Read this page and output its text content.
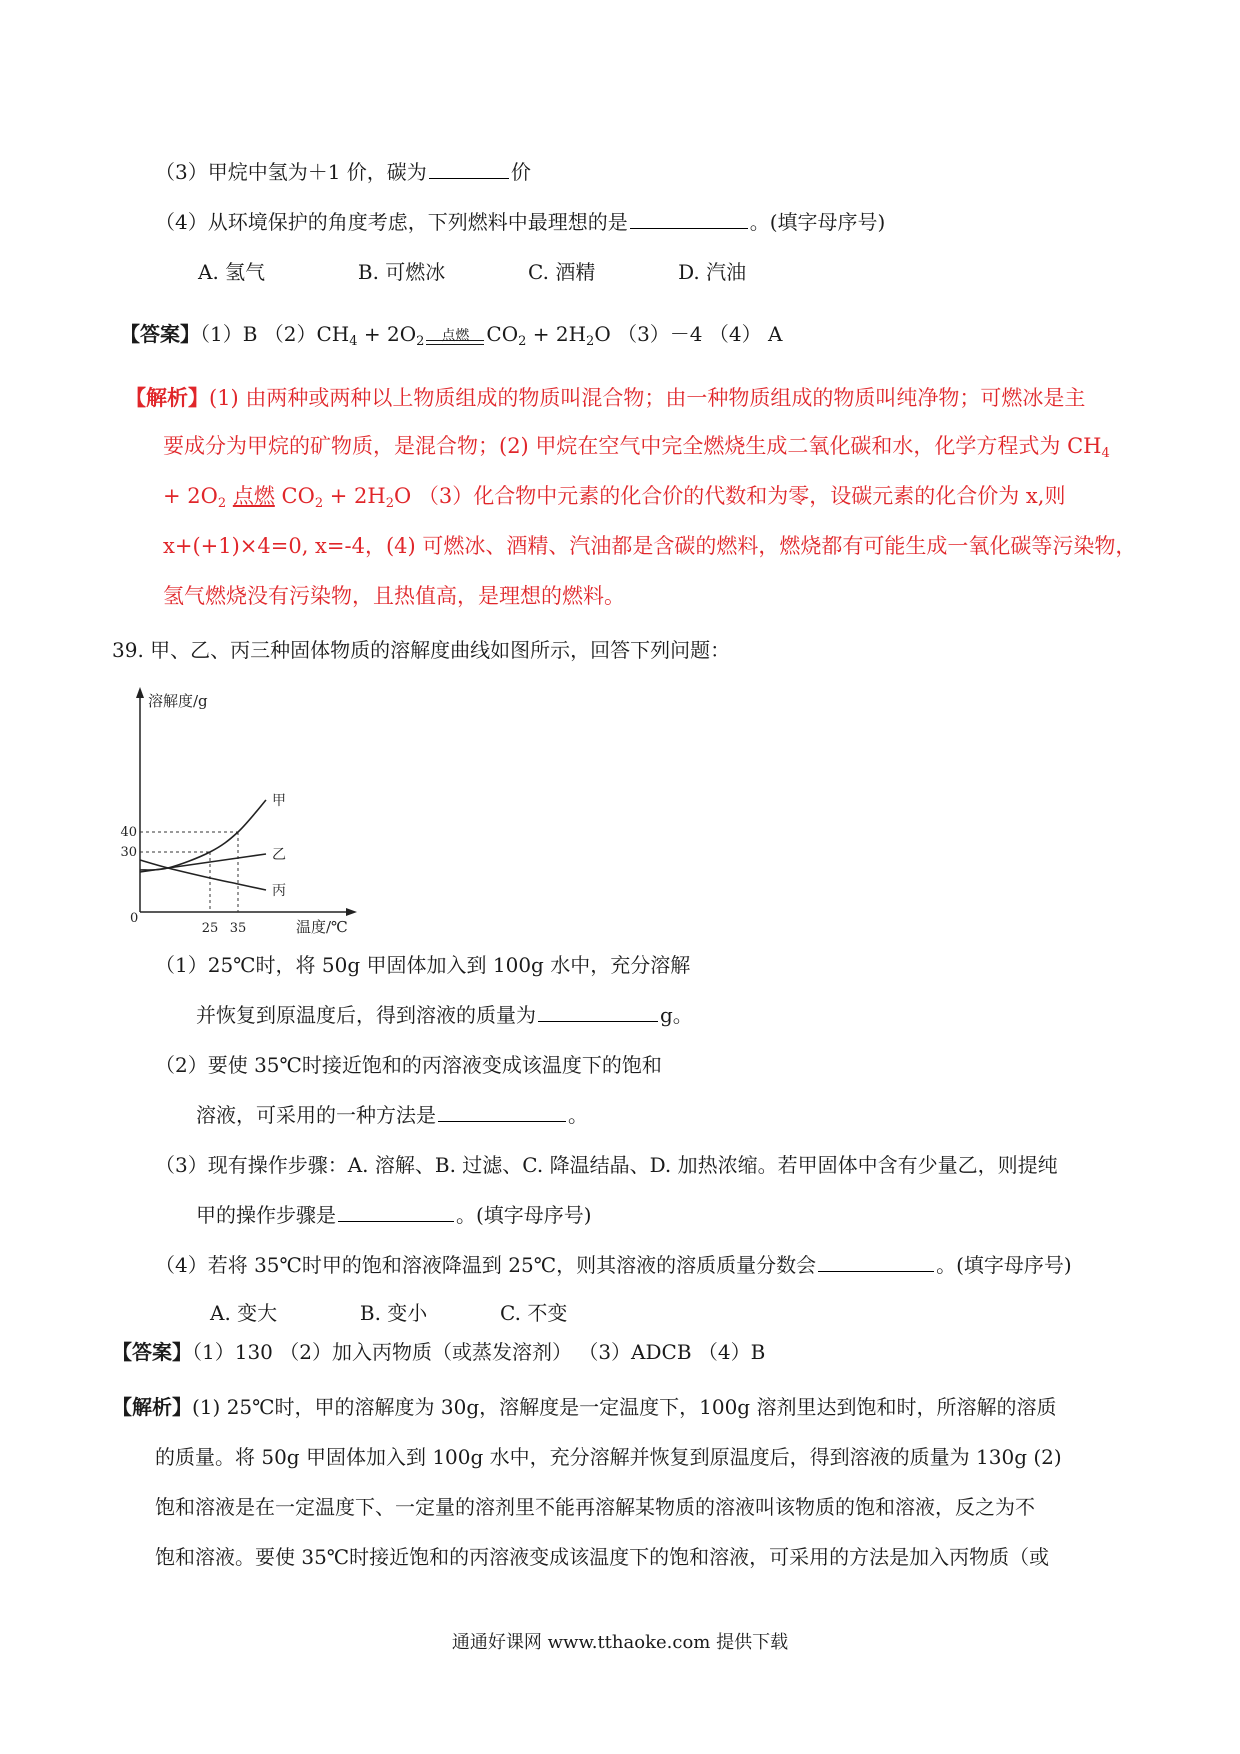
（3）甲烷中氢为＋1 价，碳为	价
（4）从环境保护的角度考虑，下列燃料中最理想的是	。(填字母序号)
A. 氢气	B. 可燃冰	C. 酒精	D. 汽油
【答案】（1）B $(2)CH_4 + 2O_2$	点燃 $CO_2 + 2H_2O$ （3）－4 （4） A
【解析】(1) 由两种或两种以上物质组成的物质叫混合物；由一种物质组成的物质叫纯净物；可燃冰是主
要成分为甲烷的矿物质，是混合物；(2) 甲烷在空气中完全燃烧生成二氧化碳和水，化学方程式为 $CH_4$
+ $2O_2$ 点燃 $CO_2 + 2H_2O$ （3）化合物中元素的化合价的代数和为零，设碳元素的化合价为 x,则
x+(+1)×4=0, x=-4，(4) 可燃冰、酒精、汽油都是含碳的燃料，燃烧都有可能生成一氧化碳等污染物，
氢气燃烧没有污染物，且热值高，是理想的燃料。
39. 甲、乙、丙三种固体物质的溶解度曲线如图所示，回答下列问题：
溶解度/g
温度/℃
0
25 35
30
40
甲
乙
丙
（1）25℃时，将 50g 甲固体加入到 100g 水中，充分溶解
并恢复到原温度后，得到溶液的质量为	g。
（2）要使 35℃时接近饱和的丙溶液变成该温度下的饱和
溶液，可采用的一种方法是	。
（3）现有操作步骤：A. 溶解、B. 过滤、C. 降温结晶、D. 加热浓缩。若甲固体中含有少量乙，则提纯
甲的操作步骤是	。(填字母序号)
（4）若将 35℃时甲的饱和溶液降温到 25℃，则其溶液的溶质质量分数会	。(填字母序号)
A. 变大	B. 变小	C. 不变
【答案】（1）130 （2）加入丙物质（或蒸发溶剂） （3）ADCB （4）B
【解析】(1) 25℃时，甲的溶解度为 30g，溶解度是一定温度下，100g 溶剂里达到饱和时，所溶解的溶质
的质量。将 50g 甲固体加入到 100g 水中，充分溶解并恢复到原温度后，得到溶液的质量为 130g (2)
饱和溶液是在一定温度下、一定量的溶剂里不能再溶解某物质的溶液叫该物质的饱和溶液，反之为不
饱和溶液。要使 35℃时接近饱和的丙溶液变成该温度下的饱和溶液，可采用的方法是加入丙物质（或
通通好课网 www.tthaoke.com 提供下载
